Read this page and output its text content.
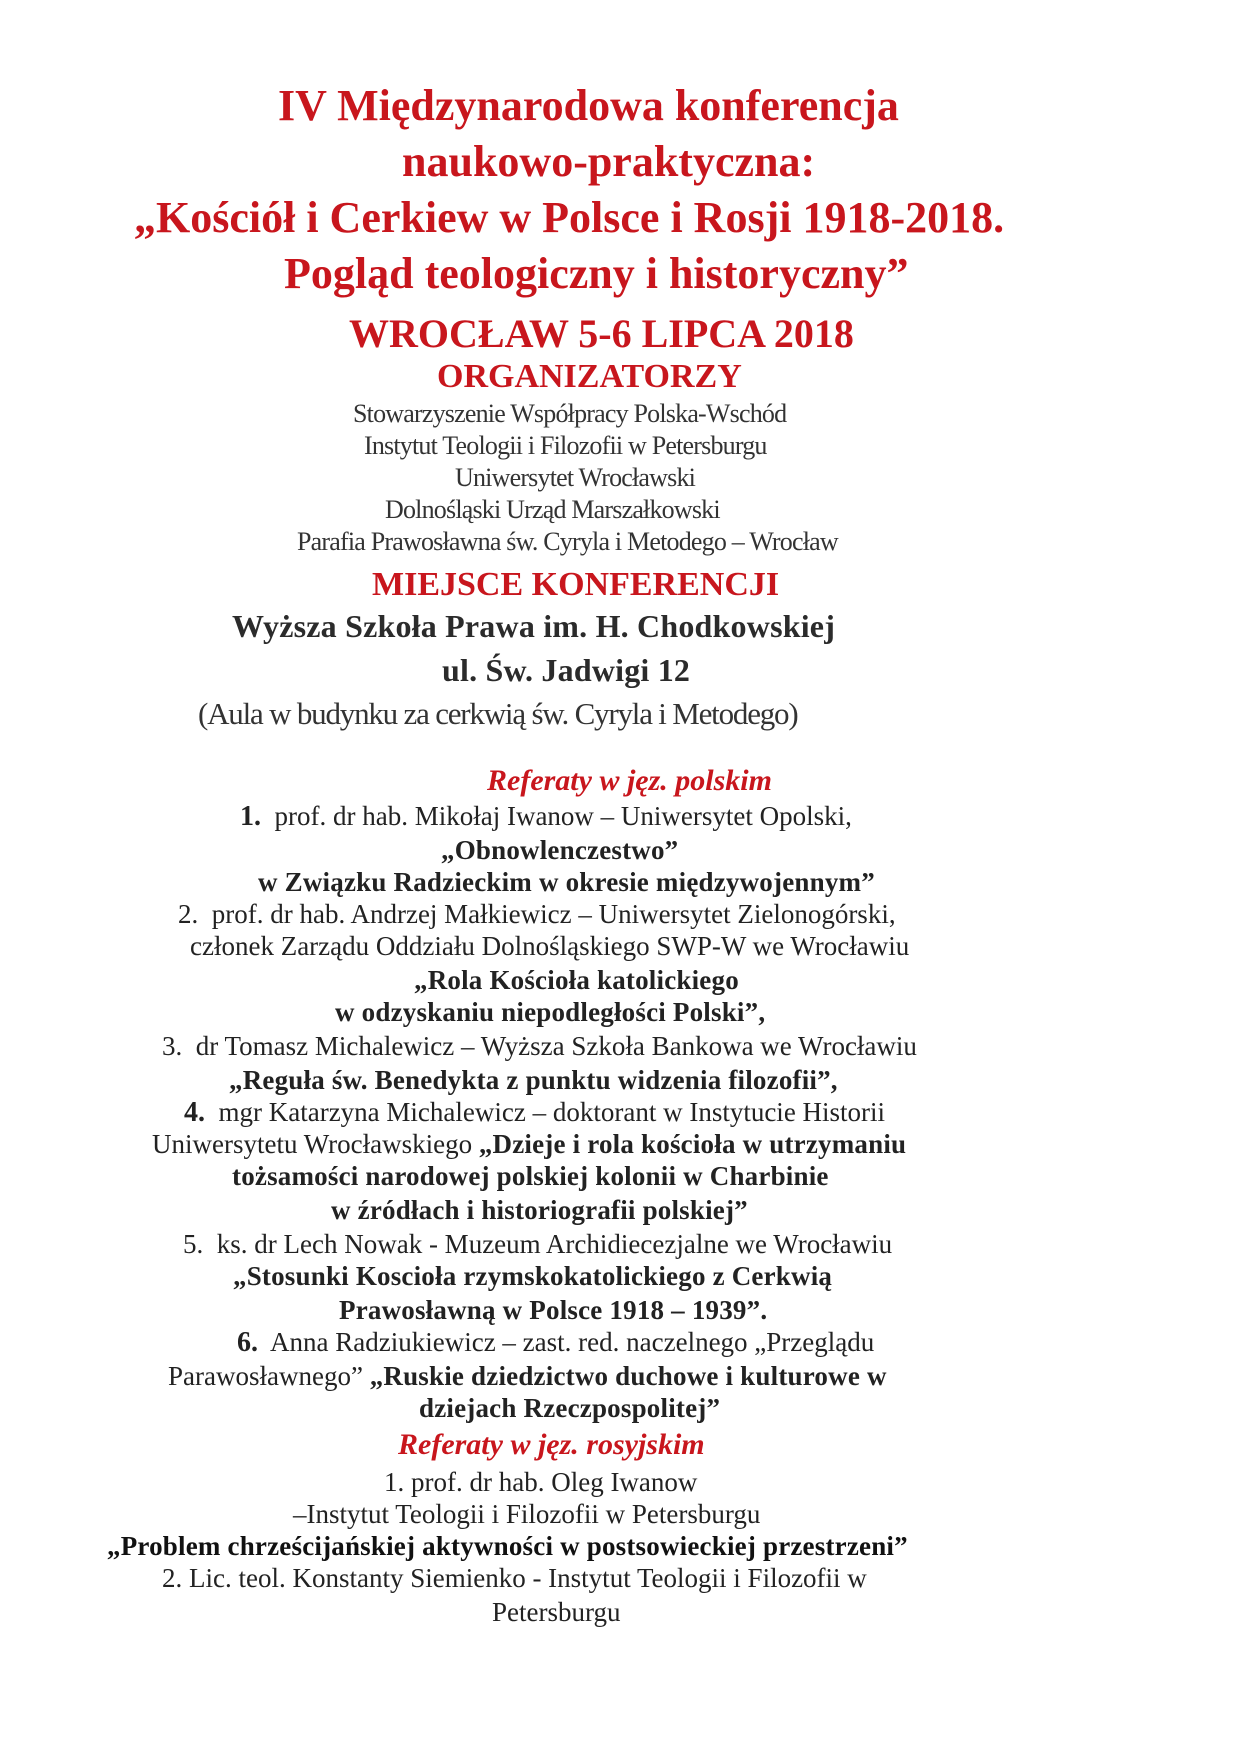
IV Międzynarodowa konferencja
naukowo-praktyczna:
„Kościół i Cerkiew w Polsce i Rosji 1918-2018.
Pogląd teologiczny i historyczny”
WROCŁAW 5-6 LIPCA 2018
ORGANIZATORZY
Stowarzyszenie Współpracy Polska-Wschód
Instytut Teologii i Filozofii w Petersburgu
Uniwersytet Wrocławski
Dolnośląski Urząd Marszałkowski
Parafia Prawosławna św. Cyryla i Metodego – Wrocław
MIEJSCE KONFERENCJI
Wyższa Szkoła Prawa im. H. Chodkowskiej
ul. Św. Jadwigi 12
(Aula w budynku za cerkwią św. Cyryla i Metodego)
Referaty w jęz. polskim
1. prof. dr hab. Mikołaj Iwanow – Uniwersytet Opolski,
„Obnowlenczestwo”
w Związku Radzieckim w okresie międzywojennym”
2. prof. dr hab. Andrzej Małkiewicz – Uniwersytet Zielonogórski,
członek Zarządu Oddziału Dolnośląskiego SWP-W we Wrocławiu
„Rola Kościoła katolickiego
w odzyskaniu niepodległości Polski”,
3. dr Tomasz Michalewicz – Wyższa Szkoła Bankowa we Wrocławiu
„Reguła św. Benedykta z punktu widzenia filozofii”,
4. mgr Katarzyna Michalewicz – doktorant w Instytucie Historii
Uniwersytetu Wrocławskiego „Dzieje i rola kościoła w utrzymaniu
tożsamości narodowej polskiej kolonii w Charbinie
w źródłach i historiografii polskiej”
5. ks. dr Lech Nowak - Muzeum Archidiecezjalne we Wrocławiu
„Stosunki Koscioła rzymskokatolickiego z Cerkwią
Prawosławną w Polsce 1918 – 1939”.
6. Anna Radziukiewicz – zast. red. naczelnego „Przeglądu
Parawosławnego” „Ruskie dziedzictwo duchowe i kulturowe w
dziejach Rzeczpospolitej”
Referaty w jęz. rosyjskim
1. prof. dr hab. Oleg Iwanow
–Instytut Teologii i Filozofii w Petersburgu
„Problem chrześcijańskiej aktywności w postsowieckiej przestrzeni”
2. Lic. teol. Konstanty Siemienko - Instytut Teologii i Filozofii w
Petersburgu
